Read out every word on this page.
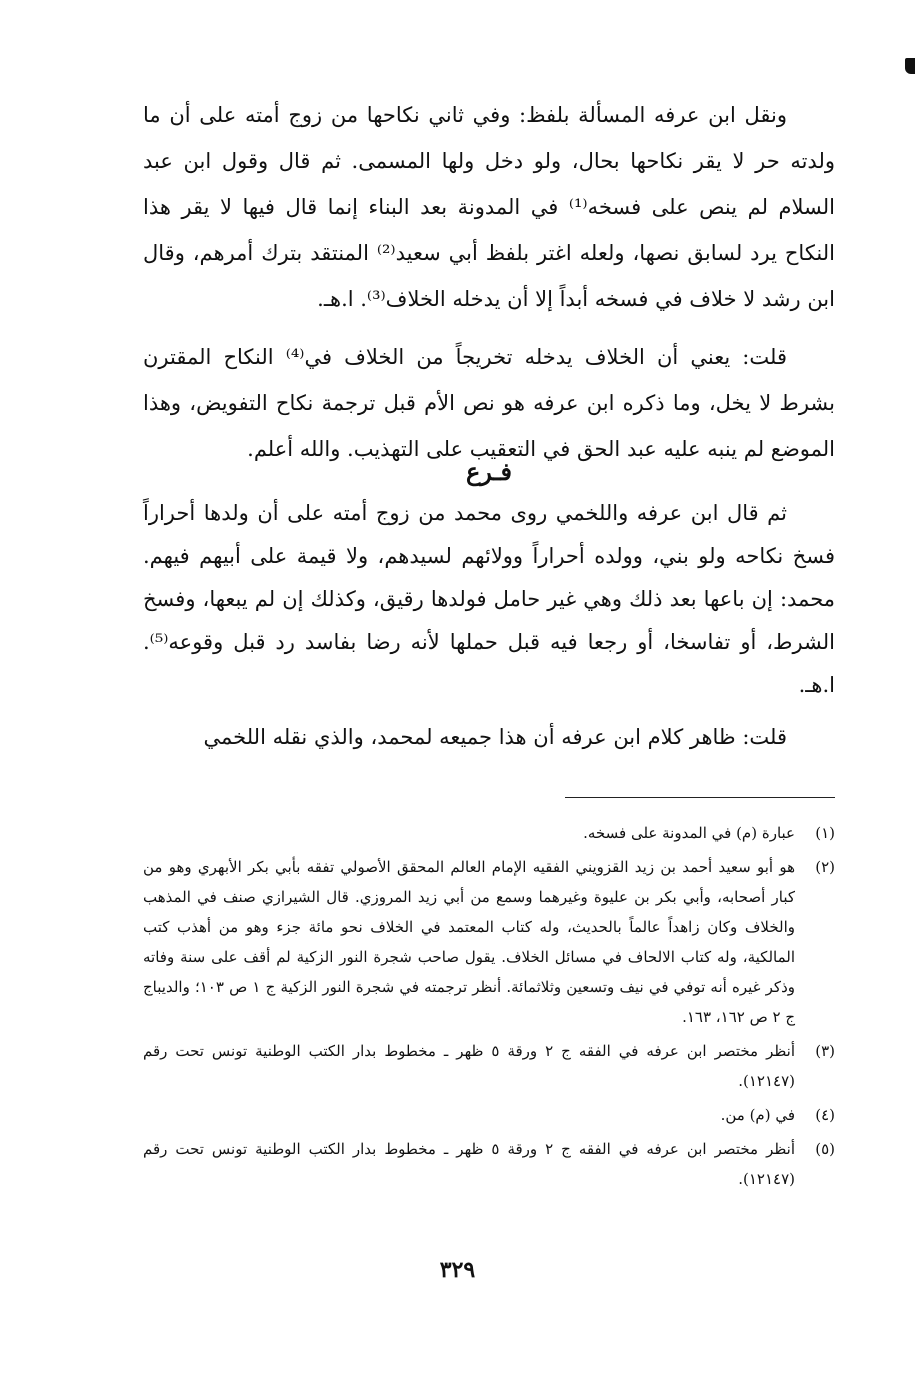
ونقل ابن عرفه المسألة بلفظ: وفي ثاني نكاحها من زوج أمته على أن ما ولدته حر لا يقر نكاحها بحال، ولو دخل ولها المسمى. ثم قال وقول ابن عبد السلام لم ينص على فسخه⁽¹⁾ في المدونة بعد البناء إنما قال فيها لا يقر هذا النكاح يرد لسابق نصها، ولعله اغتر بلفظ أبي سعيد⁽²⁾ المنتقد بترك أمرهم، وقال ابن رشد لا خلاف في فسخه أبداً إلا أن يدخله الخلاف⁽³⁾. ا.هـ.

قلت: يعني أن الخلاف يدخله تخريجاً من الخلاف في⁽⁴⁾ النكاح المقترن بشرط لا يخل، وما ذكره ابن عرفه هو نص الأم قبل ترجمة نكاح التفويض، وهذا الموضع لم ينبه عليه عبد الحق في التعقيب على التهذيب. والله أعلم.

فـرع

ثم قال ابن عرفه واللخمي روى محمد من زوج أمته على أن ولدها أحراراً فسخ نكاحه ولو بني، وولده أحراراً وولائهم لسيدهم، ولا قيمة على أبيهم فيهم. محمد: إن باعها بعد ذلك وهي غير حامل فولدها رقيق، وكذلك إن لم يبعها، وفسخ الشرط، أو تفاسخا، أو رجعا فيه قبل حملها لأنه رضا بفاسد رد قبل وقوعه⁽⁵⁾. ا.هـ.

قلت: ظاهر كلام ابن عرفه أن هذا جميعه لمحمد، والذي نقله اللخمي

(١)
عبارة (م) في المدونة على فسخه.
(٢)
هو أبو سعيد أحمد بن زيد القزويني الفقيه الإمام العالم المحقق الأصولي تفقه بأبي بكر الأبهري وهو من كبار أصحابه، وأبي بكر بن عليوة وغيرهما وسمع من أبي زيد المروزي. قال الشيرازي صنف في المذهب والخلاف وكان زاهداً عالماً بالحديث، وله كتاب المعتمد في الخلاف نحو مائة جزء وهو من أهذب كتب المالكية، وله كتاب الالحاف في مسائل الخلاف. يقول صاحب شجرة النور الزكية لم أقف على سنة وفاته وذكر غيره أنه توفي في نيف وتسعين وثلاثمائة. أنظر ترجمته في شجرة النور الزكية ج ١ ص ١٠٣؛ والديباج ج ٢ ص ١٦٢، ١٦٣.
(٣)
أنظر مختصر ابن عرفه في الفقه ج ٢ ورقة ٥ ظهر ـ مخطوط بدار الكتب الوطنية تونس تحت رقم (١٢١٤٧).
(٤)
في (م) من.
(٥)
أنظر مختصر ابن عرفه في الفقه ج ٢ ورقة ٥ ظهر ـ مخطوط بدار الكتب الوطنية تونس تحت رقم (١٢١٤٧).
٣٢٩
